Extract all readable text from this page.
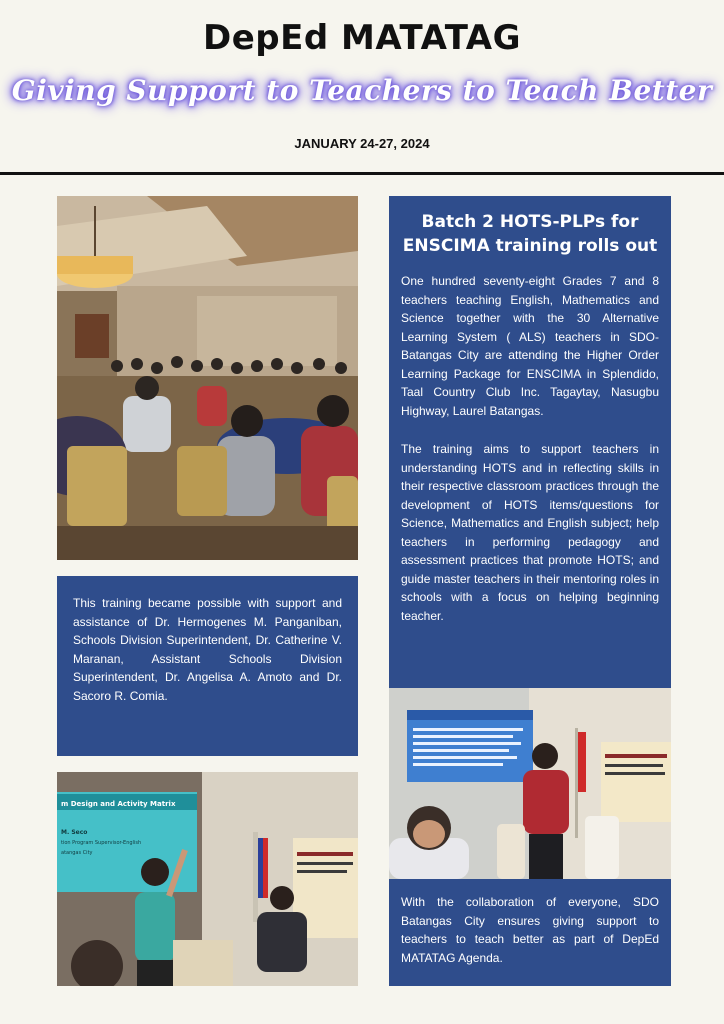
DepEd MATATAG
Giving Support to Teachers to Teach Better
JANUARY 24-27, 2024

This training became possible with support and assistance of Dr. Hermogenes M. Panganiban, Schools Division Superintendent, Dr. Catherine V. Maranan, Assistant Schools Division Superintendent, Dr. Angelisa A. Amoto and Dr. Sacoro R. Comia.

m Design and Activity Matrix
M. Seco
tion Program Supervisor-English
atangas City

Batch 2 HOTS-PLPs for ENSCIMA training rolls out

One hundred seventy-eight Grades 7 and 8 teachers teaching English, Mathematics and Science together with the 30 Alternative Learning System ( ALS) teachers in SDO- Batangas City are attending the Higher Order Learning Package for ENSCIMA in Splendido, Taal Country Club Inc. Tagaytay, Nasugbu Highway, Laurel Batangas.

The training aims to support teachers in understanding HOTS and in reflecting skills in their respective classroom practices through the development of HOTS items/questions for Science, Mathematics and English subject; help teachers in performing pedagogy and assessment practices that promote HOTS; and guide master teachers in their mentoring roles in schools with a focus on helping beginning teacher.

With the collaboration of everyone, SDO Batangas City ensures giving support to teachers to teach better as part of DepEd MATATAG Agenda.
